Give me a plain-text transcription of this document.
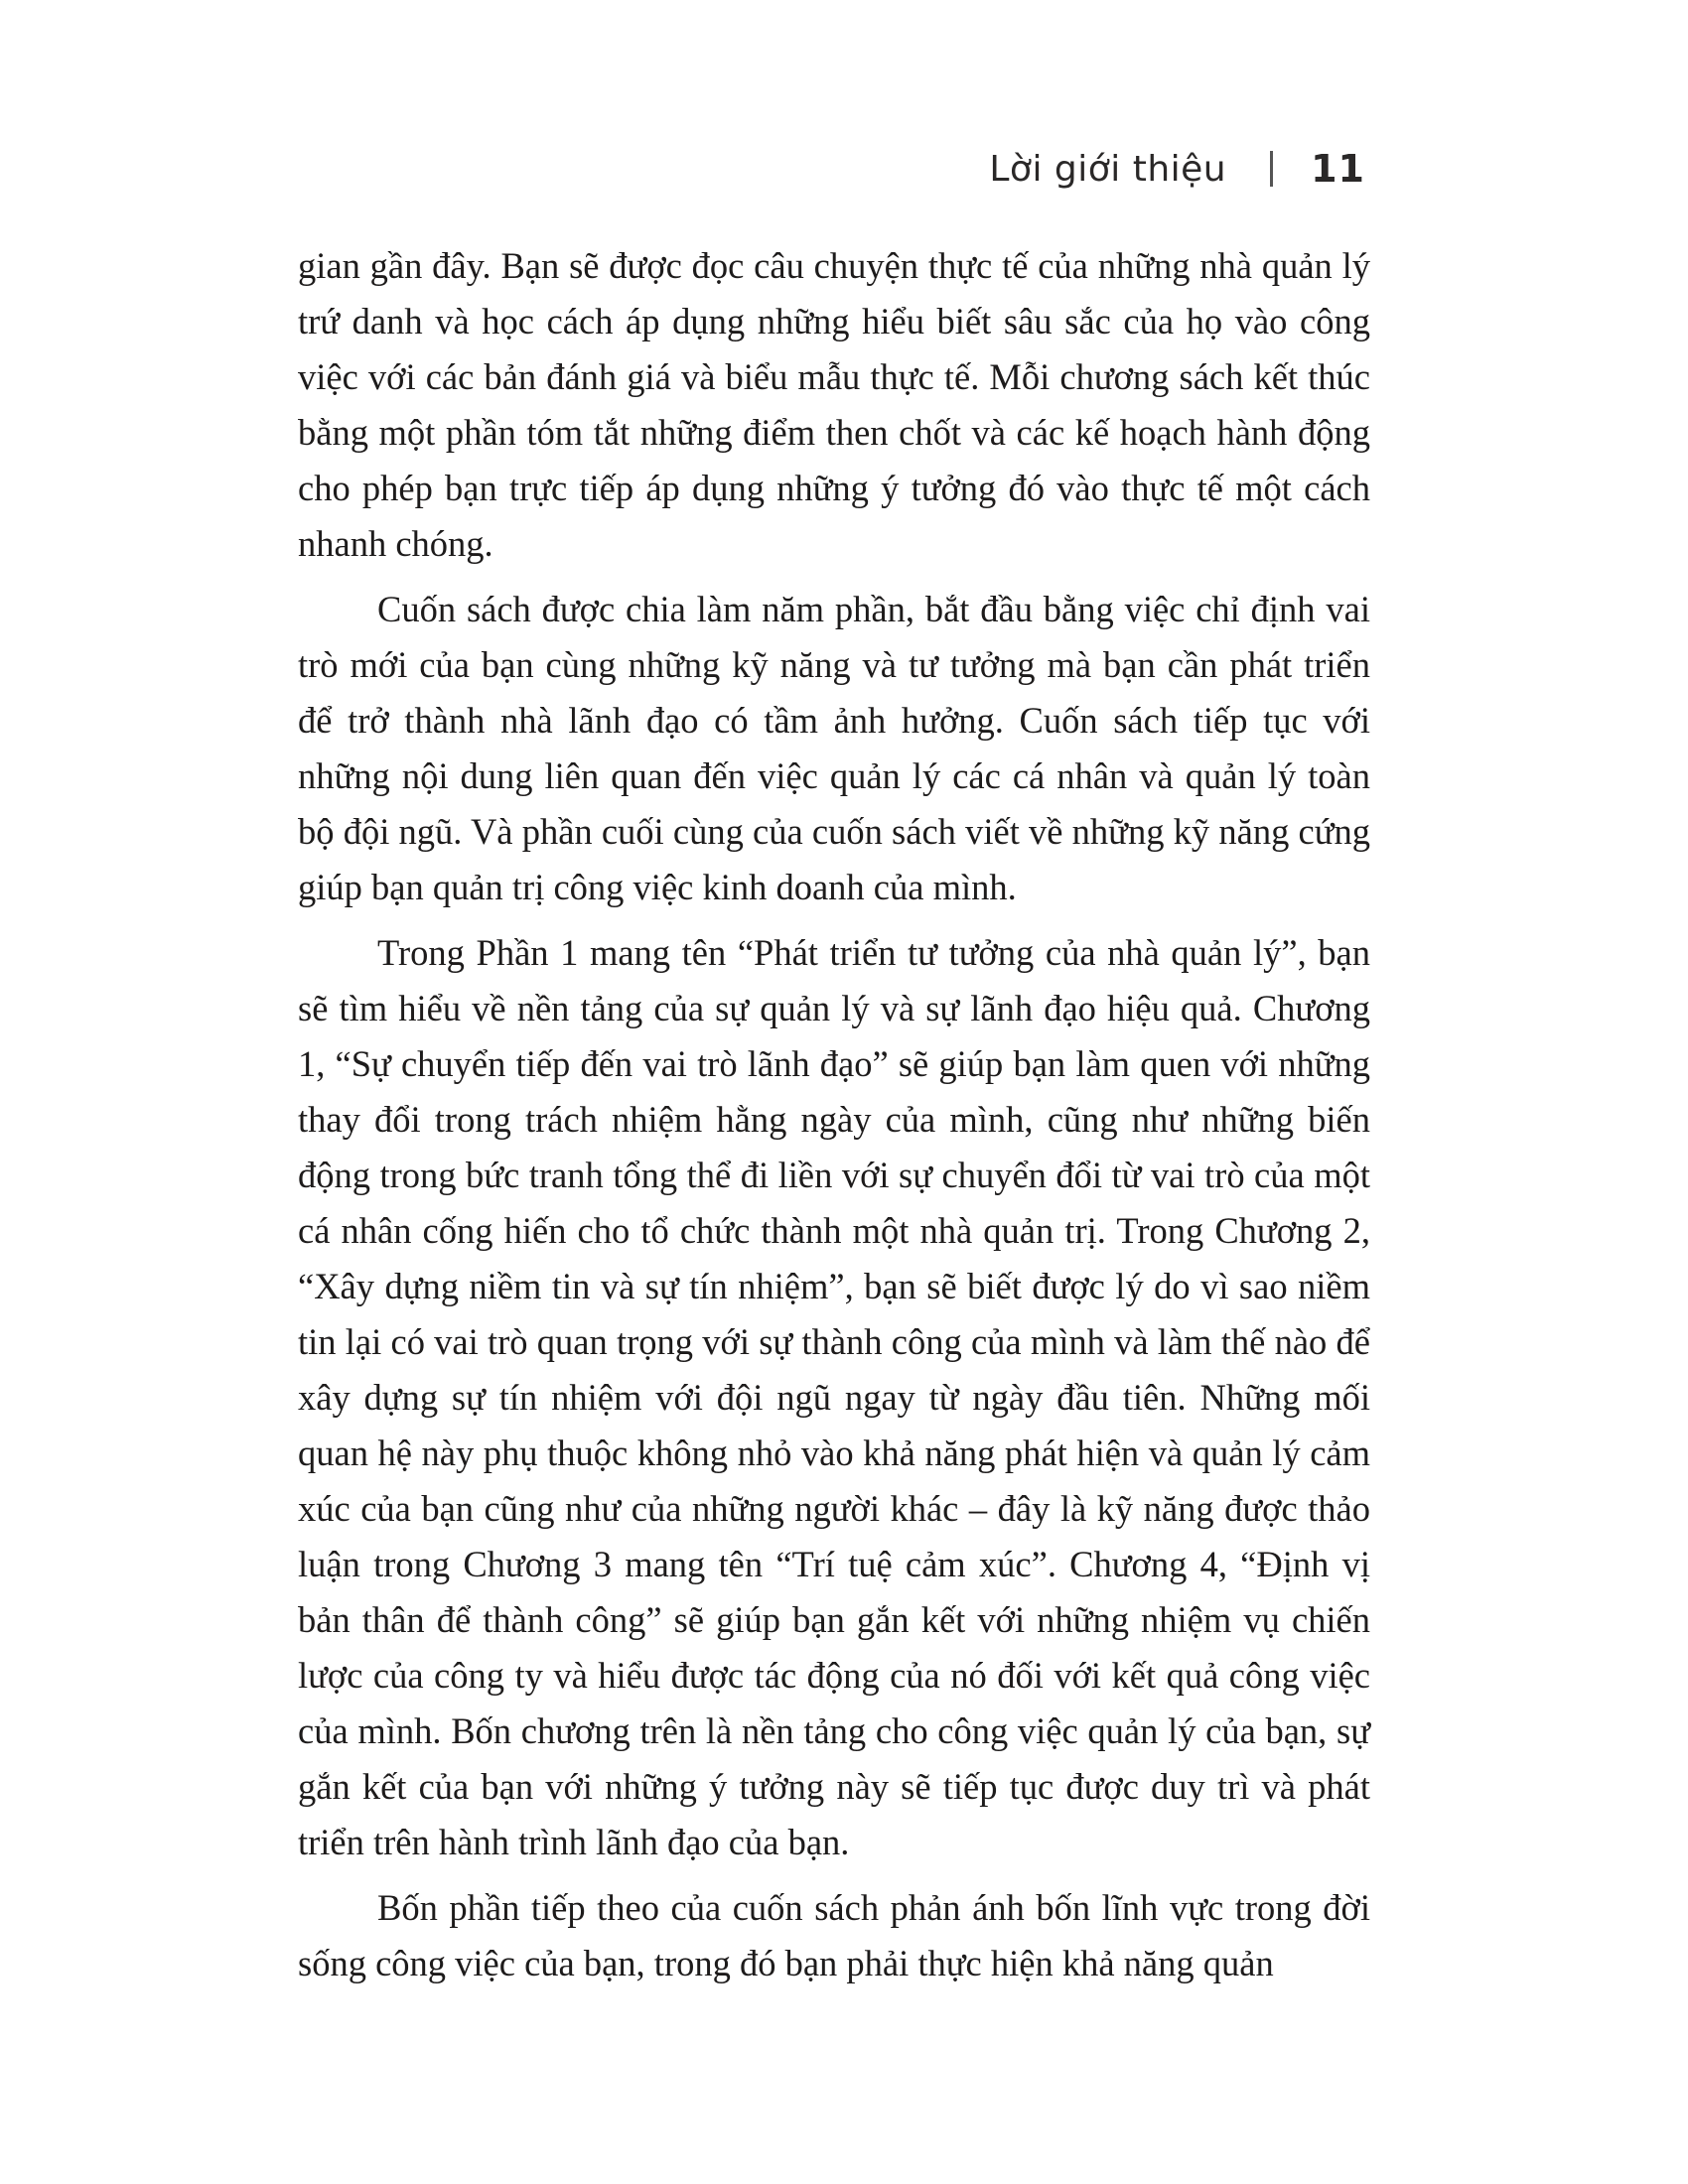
Lời giới thiệu 11

gian gần đây. Bạn sẽ được đọc câu chuyện thực tế của những nhà quản lý trứ danh và học cách áp dụng những hiểu biết sâu sắc của họ vào công việc với các bản đánh giá và biểu mẫu thực tế. Mỗi chương sách kết thúc bằng một phần tóm tắt những điểm then chốt và các kế hoạch hành động cho phép bạn trực tiếp áp dụng những ý tưởng đó vào thực tế một cách nhanh chóng.

Cuốn sách được chia làm năm phần, bắt đầu bằng việc chỉ định vai trò mới của bạn cùng những kỹ năng và tư tưởng mà bạn cần phát triển để trở thành nhà lãnh đạo có tầm ảnh hưởng. Cuốn sách tiếp tục với những nội dung liên quan đến việc quản lý các cá nhân và quản lý toàn bộ đội ngũ. Và phần cuối cùng của cuốn sách viết về những kỹ năng cứng giúp bạn quản trị công việc kinh doanh của mình.

Trong Phần 1 mang tên “Phát triển tư tưởng của nhà quản lý”, bạn sẽ tìm hiểu về nền tảng của sự quản lý và sự lãnh đạo hiệu quả. Chương 1, “Sự chuyển tiếp đến vai trò lãnh đạo” sẽ giúp bạn làm quen với những thay đổi trong trách nhiệm hằng ngày của mình, cũng như những biến động trong bức tranh tổng thể đi liền với sự chuyển đổi từ vai trò của một cá nhân cống hiến cho tổ chức thành một nhà quản trị. Trong Chương 2, “Xây dựng niềm tin và sự tín nhiệm”, bạn sẽ biết được lý do vì sao niềm tin lại có vai trò quan trọng với sự thành công của mình và làm thế nào để xây dựng sự tín nhiệm với đội ngũ ngay từ ngày đầu tiên. Những mối quan hệ này phụ thuộc không nhỏ vào khả năng phát hiện và quản lý cảm xúc của bạn cũng như của những người khác – đây là kỹ năng được thảo luận trong Chương 3 mang tên “Trí tuệ cảm xúc”. Chương 4, “Định vị bản thân để thành công” sẽ giúp bạn gắn kết với những nhiệm vụ chiến lược của công ty và hiểu được tác động của nó đối với kết quả công việc của mình. Bốn chương trên là nền tảng cho công việc quản lý của bạn, sự gắn kết của bạn với những ý tưởng này sẽ tiếp tục được duy trì và phát triển trên hành trình lãnh đạo của bạn.

Bốn phần tiếp theo của cuốn sách phản ánh bốn lĩnh vực trong đời sống công việc của bạn, trong đó bạn phải thực hiện khả năng quản
